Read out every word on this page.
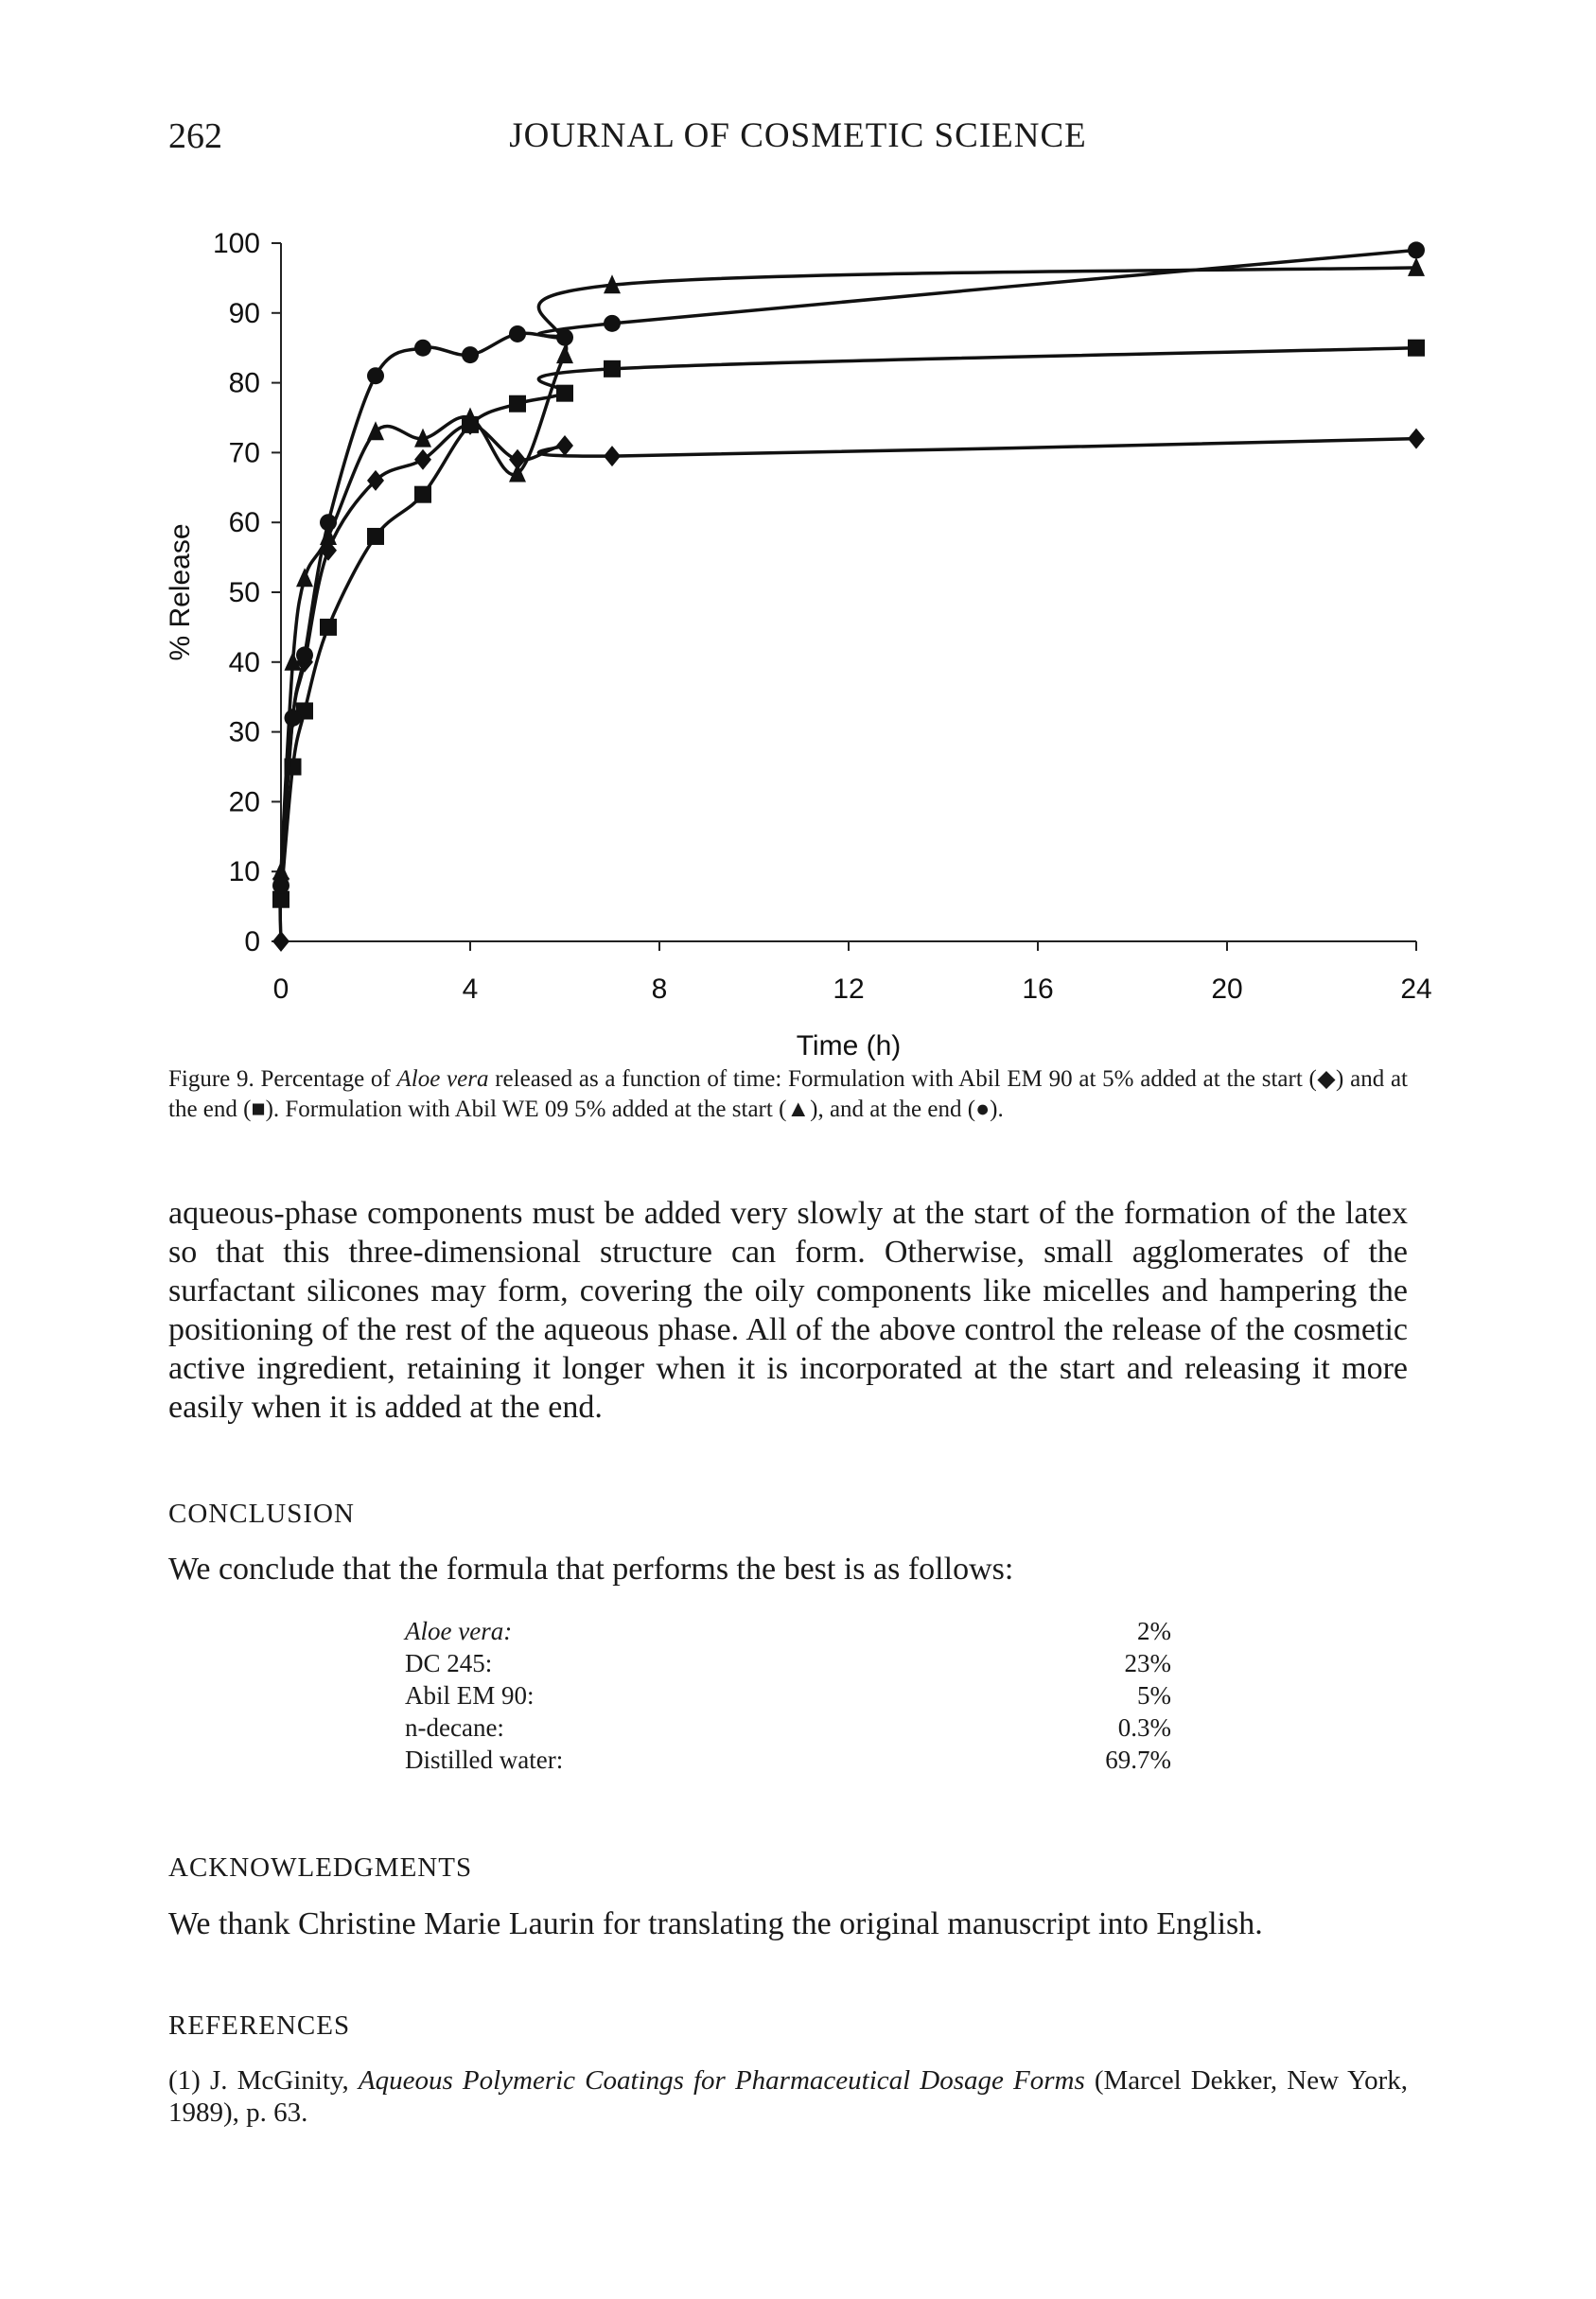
262	JOURNAL OF COSMETIC SCIENCE
0
10
20
30
40
50
60
70
80
90
100
0	4	8	12	16	20	24
% Release
Time (h)
Figure 9. Percentage of Aloe vera released as a function of time: Formulation with Abil EM 90 at 5% added at the start (◆) and at the end (■). Formulation with Abil WE 09 5% added at the start (▲), and at the end (●).
aqueous-phase components must be added very slowly at the start of the formation of the latex so that this three-dimensional structure can form. Otherwise, small agglomerates of the surfactant silicones may form, covering the oily components like micelles and hampering the positioning of the rest of the aqueous phase. All of the above control the release of the cosmetic active ingredient, retaining it longer when it is incorporated at the start and releasing it more easily when it is added at the end.
CONCLUSION
We conclude that the formula that performs the best is as follows:
Aloe vera:	2%
DC 245:	23%
Abil EM 90:	5%
n-decane:	0.3%
Distilled water:	69.7%
ACKNOWLEDGMENTS
We thank Christine Marie Laurin for translating the original manuscript into English.
REFERENCES
(1) J. McGinity, Aqueous Polymeric Coatings for Pharmaceutical Dosage Forms (Marcel Dekker, New York, 1989), p. 63.
